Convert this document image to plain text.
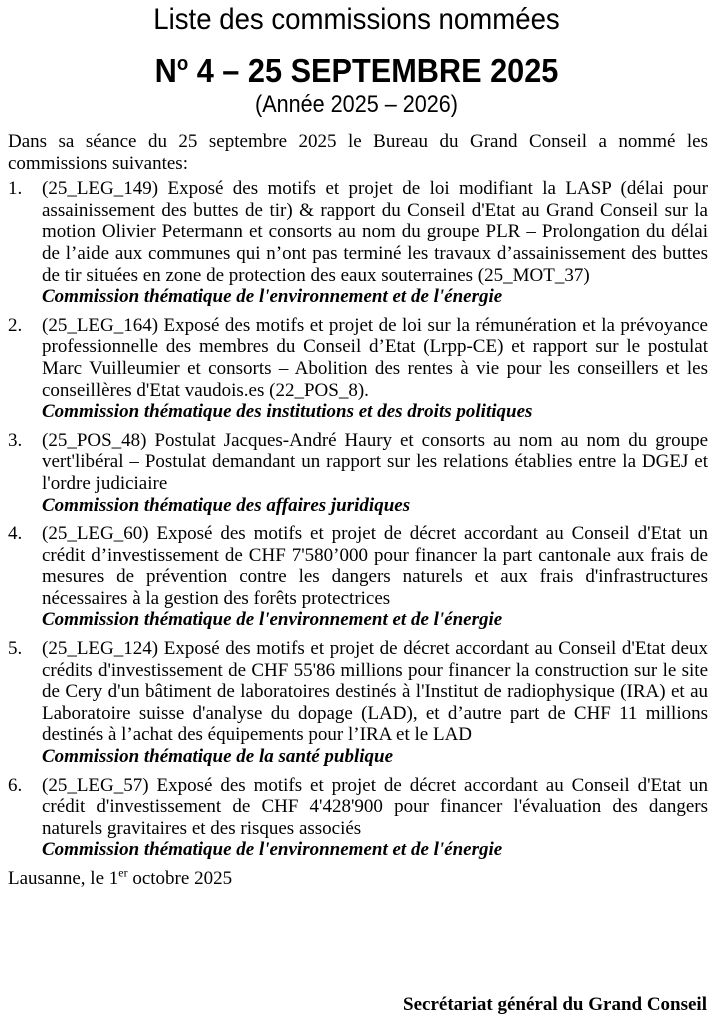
Liste des commissions nommées
$N^o$ 4 – 25 SEPTEMBRE 2025
(Année 2025 – 2026)

Dans sa séance du 25 septembre 2025 le Bureau du Grand Conseil a nommé les commissions suivantes:

1. (25_LEG_149) Exposé des motifs et projet de loi modifiant la LASP (délai pour assainissement des buttes de tir) & rapport du Conseil d'Etat au Grand Conseil sur la motion Olivier Petermann et consorts au nom du groupe PLR – Prolongation du délai de l’aide aux communes qui n’ont pas terminé les travaux d’assainissement des buttes de tir situées en zone de protection des eaux souterraines (25_MOT_37)
Commission thématique de l'environnement et de l'énergie
2. (25_LEG_164) Exposé des motifs et projet de loi sur la rémunération et la prévoyance professionnelle des membres du Conseil d’Etat (Lrpp-CE) et rapport sur le postulat Marc Vuilleumier et consorts – Abolition des rentes à vie pour les conseillers et les conseillères d'Etat vaudois.es (22_POS_8).
Commission thématique des institutions et des droits politiques
3. (25_POS_48) Postulat Jacques-André Haury et consorts au nom au nom du groupe vert'libéral – Postulat demandant un rapport sur les relations établies entre la DGEJ et l'ordre judiciaire
Commission thématique des affaires juridiques
4. (25_LEG_60) Exposé des motifs et projet de décret accordant au Conseil d'Etat un crédit d’investissement de CHF 7'580’000 pour financer la part cantonale aux frais de mesures de prévention contre les dangers naturels et aux frais d'infrastructures nécessaires à la gestion des forêts protectrices
Commission thématique de l'environnement et de l'énergie
5. (25_LEG_124) Exposé des motifs et projet de décret accordant au Conseil d'Etat deux crédits d'investissement de CHF 55'86 millions pour financer la construction sur le site de Cery d'un bâtiment de laboratoires destinés à l'Institut de radiophysique (IRA) et au Laboratoire suisse d'analyse du dopage (LAD), et d’autre part de CHF 11 millions destinés à l’achat des équipements pour l’IRA et le LAD
Commission thématique de la santé publique
6. (25_LEG_57) Exposé des motifs et projet de décret accordant au Conseil d'Etat un crédit d'investissement de CHF 4'428'900 pour financer l'évaluation des dangers naturels gravitaires et des risques associés
Commission thématique de l'environnement et de l'énergie
Lausanne, le 1er octobre 2025
Secrétariat général du Grand Conseil
